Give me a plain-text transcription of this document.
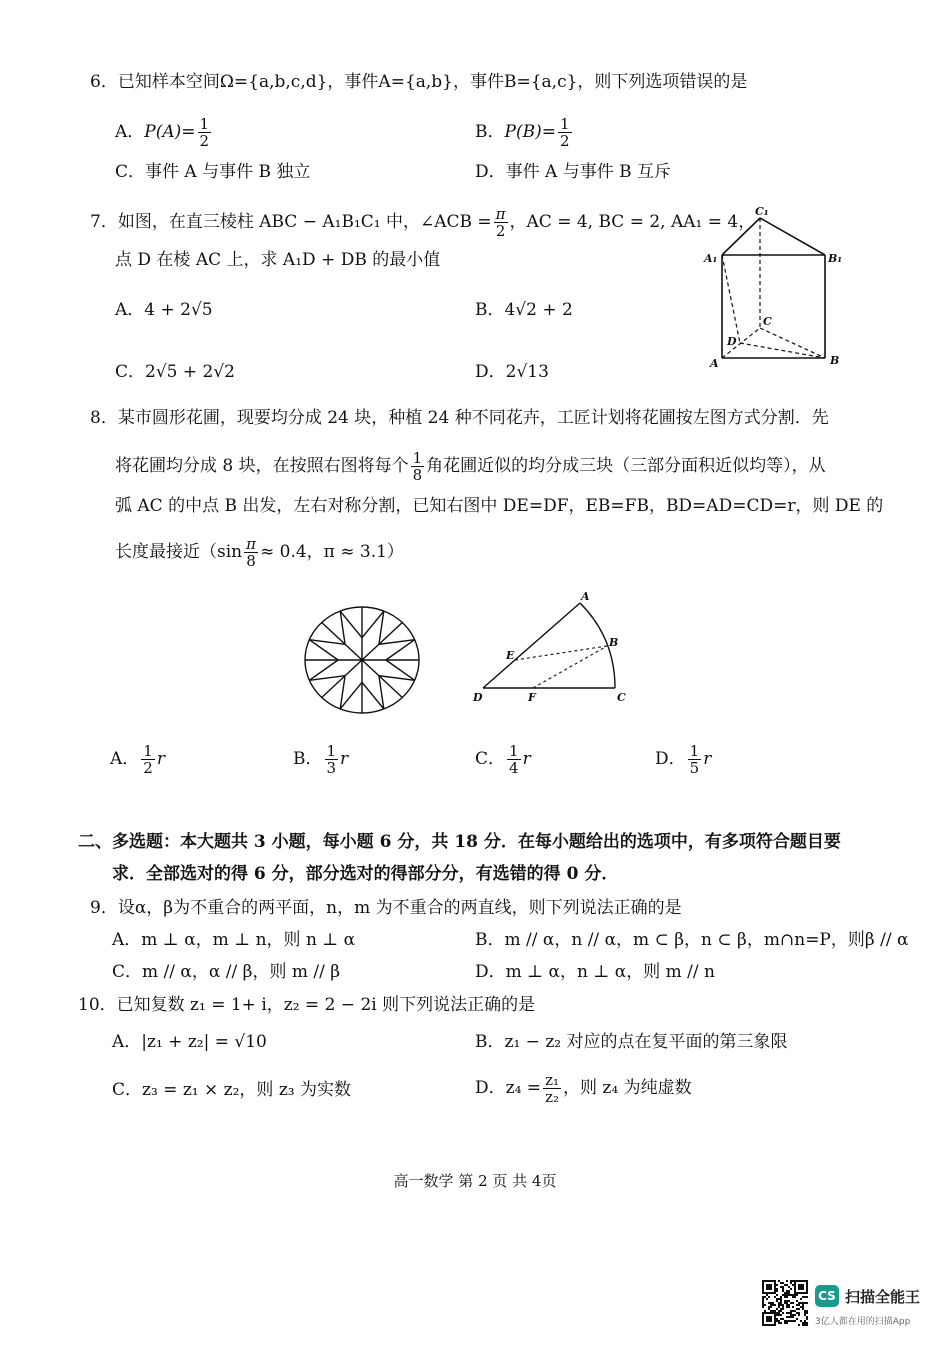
6．已知样本空间Ω={a,b,c,d}，事件A={a,b}，事件B={a,c}，则下列选项错误的是
A．$P(A)= \frac{1}{2}$	B．$P(B)= \frac{1}{2}$
C．事件 A 与事件 B 独立	D．事件 A 与事件 B 互斥
7．如图，在直三棱柱 ABC − A₁B₁C₁ 中，∠ACB = $\frac{\pi}{2}$ ，AC = 4, BC = 2, AA₁ = 4，
点 D 在棱 AC 上，求 A₁D + DB 的最小值
A．4 + 2√5	B．4√2 + 2
C．2√5 + 2√2	D．2√13
C₁
A₁	B₁
C
D
A	B
8．某市圆形花圃，现要均分成 24 块，种植 24 种不同花卉，工匠计划将花圃按左图方式分割．先
将花圃均分成 8 块，在按照右图将每个 $\frac{1}{8}$ 角花圃近似的均分成三块（三部分面积近似均等），从
弧 AC 的中点 B 出发，左右对称分割，已知右图中 DE=DF，EB=FB，BD=AD=CD=r，则 DE 的
长度最接近（$\sin \frac{\pi}{8} \approx 0.4$，π ≈ 3.1）
A
B
C
D
E
F
A． $\frac{1}{2}$ r	B． $\frac{1}{3}$ r	C． $\frac{1}{4}$ r	D． $\frac{1}{5}$ r
二、多选题：本大题共 3 小题，每小题 6 分，共 18 分．在每小题给出的选项中，有多项符合题目要
求．全部选对的得 6 分，部分选对的得部分分，有选错的得 0 分．
9．设α，β为不重合的两平面，n，m 为不重合的两直线，则下列说法正确的是
A．m ⊥ α，m ⊥ n，则 n ⊥ α	B．m // α，n // α，m ⊂ β，n ⊂ β，m∩n=P，则β // α
C．m // α，α // β，则 m // β	D．m ⊥ α，n ⊥ α，则 m // n
10．已知复数 z₁ = 1+ i，z₂ = 2 − 2i 则下列说法正确的是
A．|z₁ + z₂| = √10	B．z₁ − z₂ 对应的点在复平面的第三象限
C．z₃ = z₁ × z₂，则 z₃ 为实数	D．$z_4 = \frac{\text{z₁}}{\text{z₂}}$ ，则 z₄ 为纯虚数
高一数学 第 2 页 共 4页
CS 扫描全能王
3亿人都在用的扫描App
